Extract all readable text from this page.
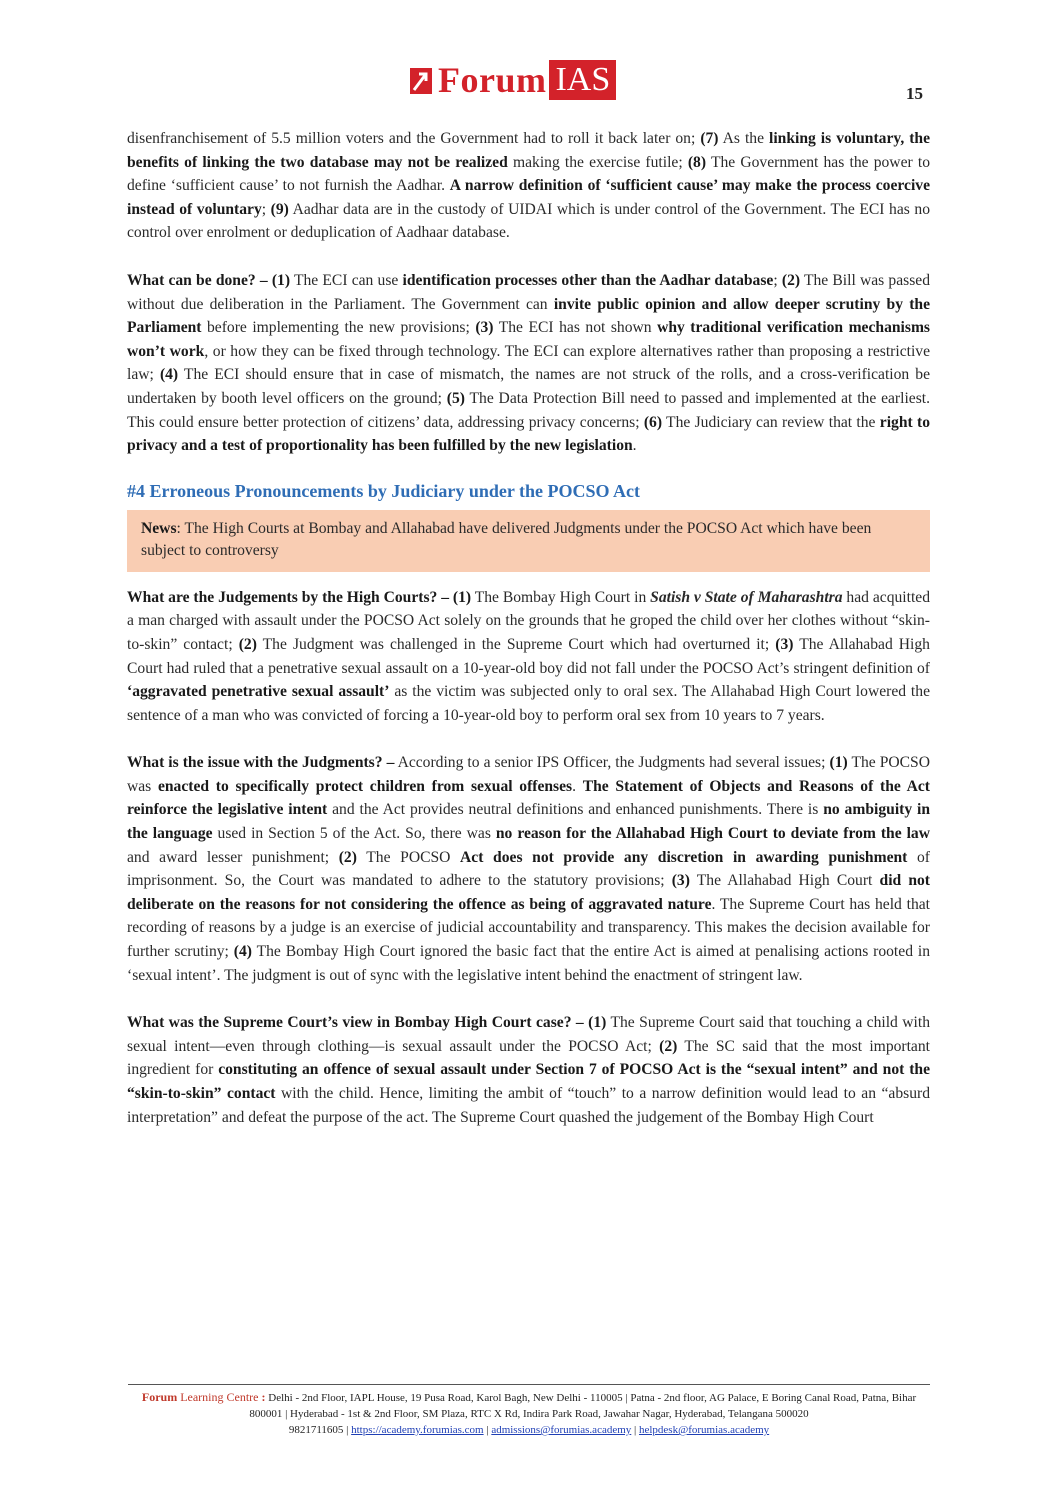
Forum IAS	15

disenfranchisement of 5.5 million voters and the Government had to roll it back later on; (7) As the linking is voluntary, the benefits of linking the two database may not be realized making the exercise futile; (8) The Government has the power to define ‘sufficient cause’ to not furnish the Aadhar. A narrow definition of ‘sufficient cause’ may make the process coercive instead of voluntary; (9) Aadhar data are in the custody of UIDAI which is under control of the Government. The ECI has no control over enrolment or deduplication of Aadhaar database.

What can be done? – (1) The ECI can use identification processes other than the Aadhar database; (2) The Bill was passed without due deliberation in the Parliament. The Government can invite public opinion and allow deeper scrutiny by the Parliament before implementing the new provisions; (3) The ECI has not shown why traditional verification mechanisms won’t work, or how they can be fixed through technology. The ECI can explore alternatives rather than proposing a restrictive law; (4) The ECI should ensure that in case of mismatch, the names are not struck of the rolls, and a cross-verification be undertaken by booth level officers on the ground; (5) The Data Protection Bill need to passed and implemented at the earliest. This could ensure better protection of citizens’ data, addressing privacy concerns; (6) The Judiciary can review that the right to privacy and a test of proportionality has been fulfilled by the new legislation.

#4 Erroneous Pronouncements by Judiciary under the POCSO Act
News: The High Courts at Bombay and Allahabad have delivered Judgments under the POCSO Act which have been subject to controversy

What are the Judgements by the High Courts? – (1) The Bombay High Court in Satish v State of Maharashtra had acquitted a man charged with assault under the POCSO Act solely on the grounds that he groped the child over her clothes without “skin-to-skin” contact; (2) The Judgment was challenged in the Supreme Court which had overturned it; (3) The Allahabad High Court had ruled that a penetrative sexual assault on a 10-year-old boy did not fall under the POCSO Act’s stringent definition of ‘aggravated penetrative sexual assault’ as the victim was subjected only to oral sex. The Allahabad High Court lowered the sentence of a man who was convicted of forcing a 10-year-old boy to perform oral sex from 10 years to 7 years.

What is the issue with the Judgments? – According to a senior IPS Officer, the Judgments had several issues; (1) The POCSO was enacted to specifically protect children from sexual offenses. The Statement of Objects and Reasons of the Act reinforce the legislative intent and the Act provides neutral definitions and enhanced punishments. There is no ambiguity in the language used in Section 5 of the Act. So, there was no reason for the Allahabad High Court to deviate from the law and award lesser punishment; (2) The POCSO Act does not provide any discretion in awarding punishment of imprisonment. So, the Court was mandated to adhere to the statutory provisions; (3) The Allahabad High Court did not deliberate on the reasons for not considering the offence as being of aggravated nature. The Supreme Court has held that recording of reasons by a judge is an exercise of judicial accountability and transparency. This makes the decision available for further scrutiny; (4) The Bombay High Court ignored the basic fact that the entire Act is aimed at penalising actions rooted in ‘sexual intent’. The judgment is out of sync with the legislative intent behind the enactment of stringent law.

What was the Supreme Court’s view in Bombay High Court case? – (1) The Supreme Court said that touching a child with sexual intent—even through clothing—is sexual assault under the POCSO Act; (2) The SC said that the most important ingredient for constituting an offence of sexual assault under Section 7 of POCSO Act is the “sexual intent” and not the “skin-to-skin” contact with the child. Hence, limiting the ambit of “touch” to a narrow definition would lead to an “absurd interpretation” and defeat the purpose of the act. The Supreme Court quashed the judgement of the Bombay High Court

Forum Learning Centre : Delhi - 2nd Floor, IAPL House, 19 Pusa Road, Karol Bagh, New Delhi - 110005 | Patna - 2nd floor, AG Palace, E Boring Canal Road, Patna, Bihar 800001 | Hyderabad - 1st & 2nd Floor, SM Plaza, RTC X Rd, Indira Park Road, Jawahar Nagar, Hyderabad, Telangana 500020
9821711605 | https://academy.forumias.com | admissions@forumias.academy | helpdesk@forumias.academy
